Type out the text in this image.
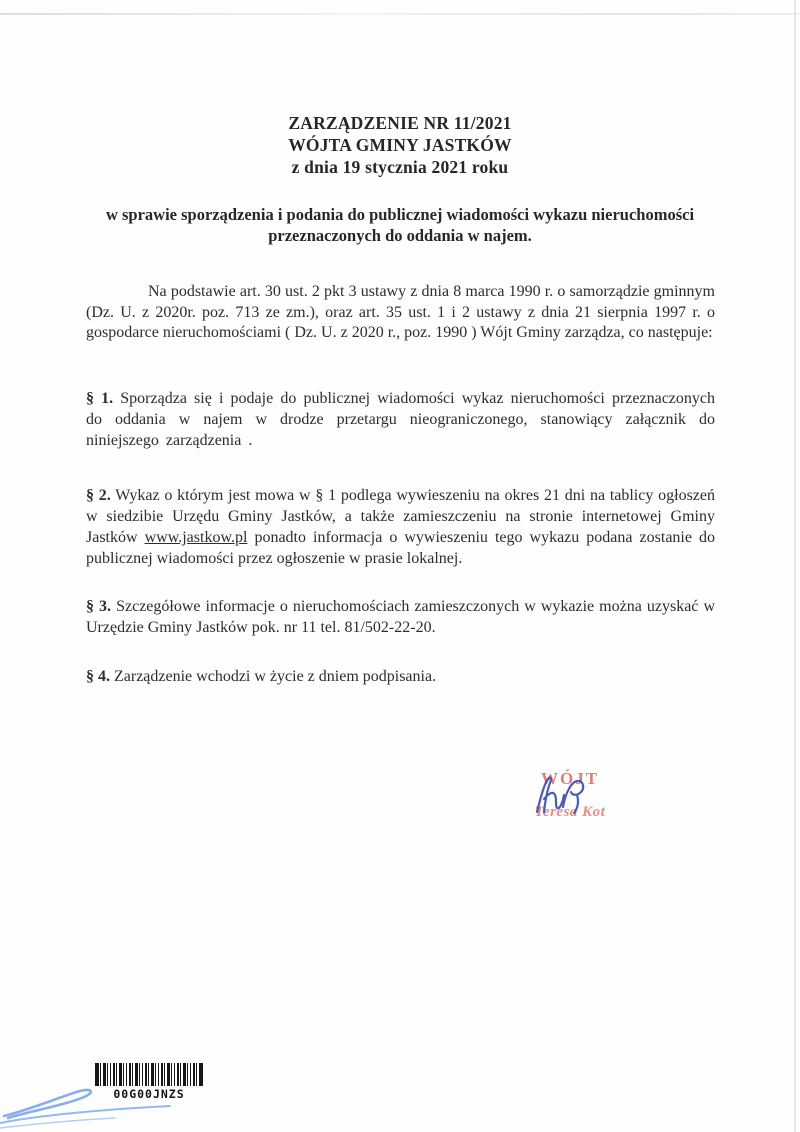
ZARZĄDZENIE NR 11/2021
WÓJTA GMINY JASTKÓW
z dnia 19 stycznia 2021 roku
w sprawie sporządzenia i podania do publicznej wiadomości wykazu nieruchomości przeznaczonych do oddania w najem.

Na podstawie art. 30 ust. 2 pkt 3 ustawy z dnia 8 marca 1990 r. o samorządzie gminnym (Dz. U. z 2020r. poz. 713 ze zm.), oraz art. 35 ust. 1 i 2 ustawy z dnia 21 sierpnia 1997 r. o gospodarce nieruchomościami ( Dz. U. z 2020 r., poz. 1990 ) Wójt Gminy zarządza, co następuje:

§ 1. Sporządza się i podaje do publicznej wiadomości wykaz nieruchomości przeznaczonych do oddania w najem w drodze przetargu nieograniczonego, stanowiący załącznik do niniejszego zarządzenia .

§ 2. Wykaz o którym jest mowa w § 1 podlega wywieszeniu na okres 21 dni na tablicy ogłoszeń w siedzibie Urzędu Gminy Jastków, a także zamieszczeniu na stronie internetowej Gminy Jastków www.jastkow.pl ponadto informacja o wywieszeniu tego wykazu podana zostanie do publicznej wiadomości przez ogłoszenie w prasie lokalnej.

§ 3. Szczegółowe informacje o nieruchomościach zamieszczonych w wykazie można uzyskać w Urzędzie Gminy Jastków pok. nr 11 tel. 81/502-22-20.

§ 4. Zarządzenie wchodzi w życie z dniem podpisania.

WÓJT
Teresa Kot
00G00JNZS
